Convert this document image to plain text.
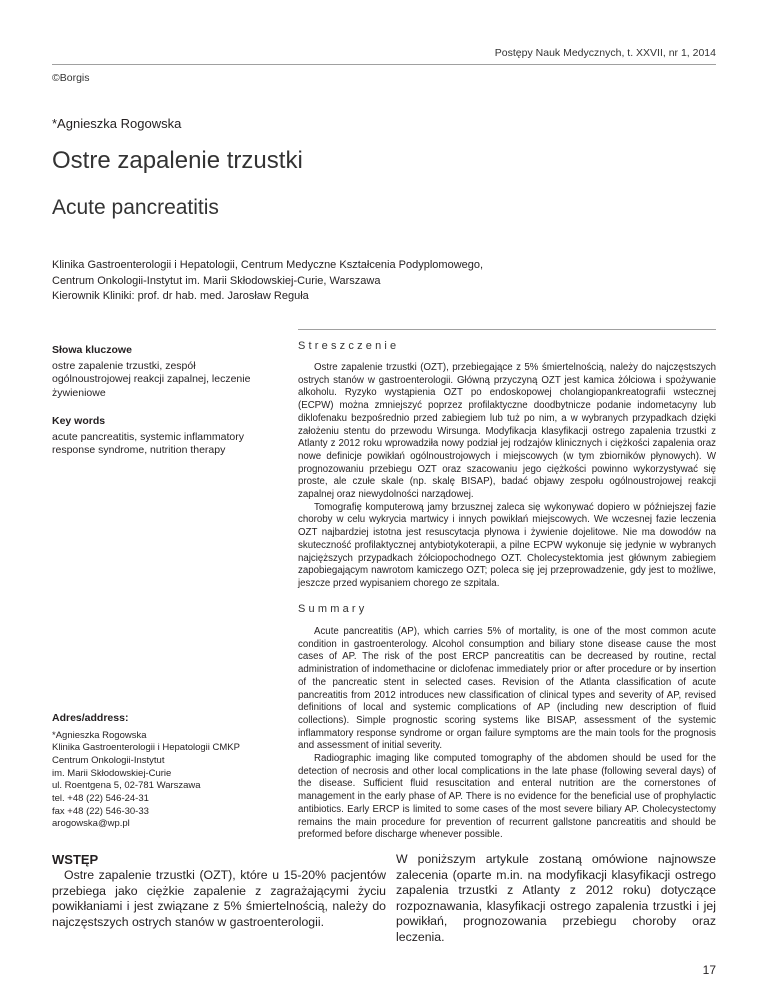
Postępy Nauk Medycznych, t. XXVII, nr 1, 2014
©Borgis
*Agnieszka Rogowska
Ostre zapalenie trzustki
Acute pancreatitis
Klinika Gastroenterologii i Hepatologii, Centrum Medyczne Kształcenia Podyplomowego,
Centrum Onkologii-Instytut im. Marii Skłodowskiej-Curie, Warszawa
Kierownik Kliniki: prof. dr hab. med. Jarosław Reguła
Słowa kluczowe
ostre zapalenie trzustki, zespół ogólnoustrojowej reakcji zapalnej, leczenie żywieniowe
Key words
acute pancreatitis, systemic inflammatory response syndrome, nutrition therapy
Adres/address:
*Agnieszka Rogowska
Klinika Gastroenterologii i Hepatologii CMKP
Centrum Onkologii-Instytut
im. Marii Skłodowskiej-Curie
ul. Roentgena 5, 02-781 Warszawa
tel. +48 (22) 546-24-31
fax +48 (22) 546-30-33
arogowska@wp.pl
Streszczenie

Ostre zapalenie trzustki (OZT), przebiegające z 5% śmiertelnością, należy do najczęstszych ostrych stanów w gastroenterologii. Główną przyczyną OZT jest kamica żółciowa i spożywanie alkoholu. Ryzyko wystąpienia OZT po endoskopowej cholangiopankreatografii wstecznej (ECPW) można zmniejszyć poprzez profilaktyczne doodbytnicze podanie indometacyny lub diklofenaku bezpośrednio przed zabiegiem lub tuż po nim, a w wybranych przypadkach dzięki założeniu stentu do przewodu Wirsunga. Modyfikacja klasyfikacji ostrego zapalenia trzustki z Atlanty z 2012 roku wprowadziła nowy podział jej rodzajów klinicznych i ciężkości zapalenia oraz nowe definicje powikłań ogólnoustrojowych i miejscowych (w tym zbiorników płynowych). W prognozowaniu przebiegu OZT oraz szacowaniu jego ciężkości powinno wykorzystywać się proste, ale czułe skale (np. skalę BISAP), badać objawy zespołu ogólnoustrojowej reakcji zapalnej oraz niewydolności narządowej.

Tomografię komputerową jamy brzusznej zaleca się wykonywać dopiero w późniejszej fazie choroby w celu wykrycia martwicy i innych powikłań miejscowych. We wczesnej fazie leczenia OZT najbardziej istotna jest resuscytacja płynowa i żywienie dojelitowe. Nie ma dowodów na skuteczność profilaktycznej antybiotykoterapii, a pilne ECPW wykonuje się jedynie w wybranych najcięższych przypadkach żółciopochodnego OZT. Cholecystektomia jest głównym zabiegiem zapobiegającym nawrotom kamiczego OZT; poleca się jej przeprowadzenie, gdy jest to możliwe, jeszcze przed wypisaniem chorego ze szpitala.

Summary

Acute pancreatitis (AP), which carries 5% of mortality, is one of the most common acute condition in gastroenterology. Alcohol consumption and biliary stone disease cause the most cases of AP. The risk of the post ERCP pancreatitis can be decreased by routine, rectal administration of indomethacine or diclofenac immediately prior or after procedure or by insertion of the pancreatic stent in selected cases. Revision of the Atlanta classification of acute pancreatitis from 2012 introduces new classification of clinical types and severity of AP, revised definitions of local and systemic complications of AP (including new description of fluid collections). Simple prognostic scoring systems like BISAP, assessment of the systemic inflammatory response syndrome or organ failure symptoms are the main tools for the prognosis and assessment of initial severity.

Radiographic imaging like computed tomography of the abdomen should be used for the detection of necrosis and other local complications in the late phase (following several days) of the disease. Sufficient fluid resuscitation and enteral nutrition are the cornerstones of management in the early phase of AP. There is no evidence for the beneficial use of prophylactic antibiotics. Early ERCP is limited to some cases of the most severe biliary AP. Cholecystectomy remains the main procedure for prevention of recurrent gallstone pancreatitis and should be preformed before discharge whenever possible.

WSTĘP

Ostre zapalenie trzustki (OZT), które u 15-20% pacjentów przebiega jako ciężkie zapalenie z zagrażającymi życiu powikłaniami i jest związane z 5% śmiertelnością, należy do najczęstszych ostrych stanów w gastroenterologii.

W poniższym artykule zostaną omówione najnowsze zalecenia (oparte m.in. na modyfikacji klasyfikacji ostrego zapalenia trzustki z Atlanty z 2012 roku) dotyczące rozpoznawania, klasyfikacji ostrego zapalenia trzustki i jej powikłań, prognozowania przebiegu choroby oraz leczenia.

17
